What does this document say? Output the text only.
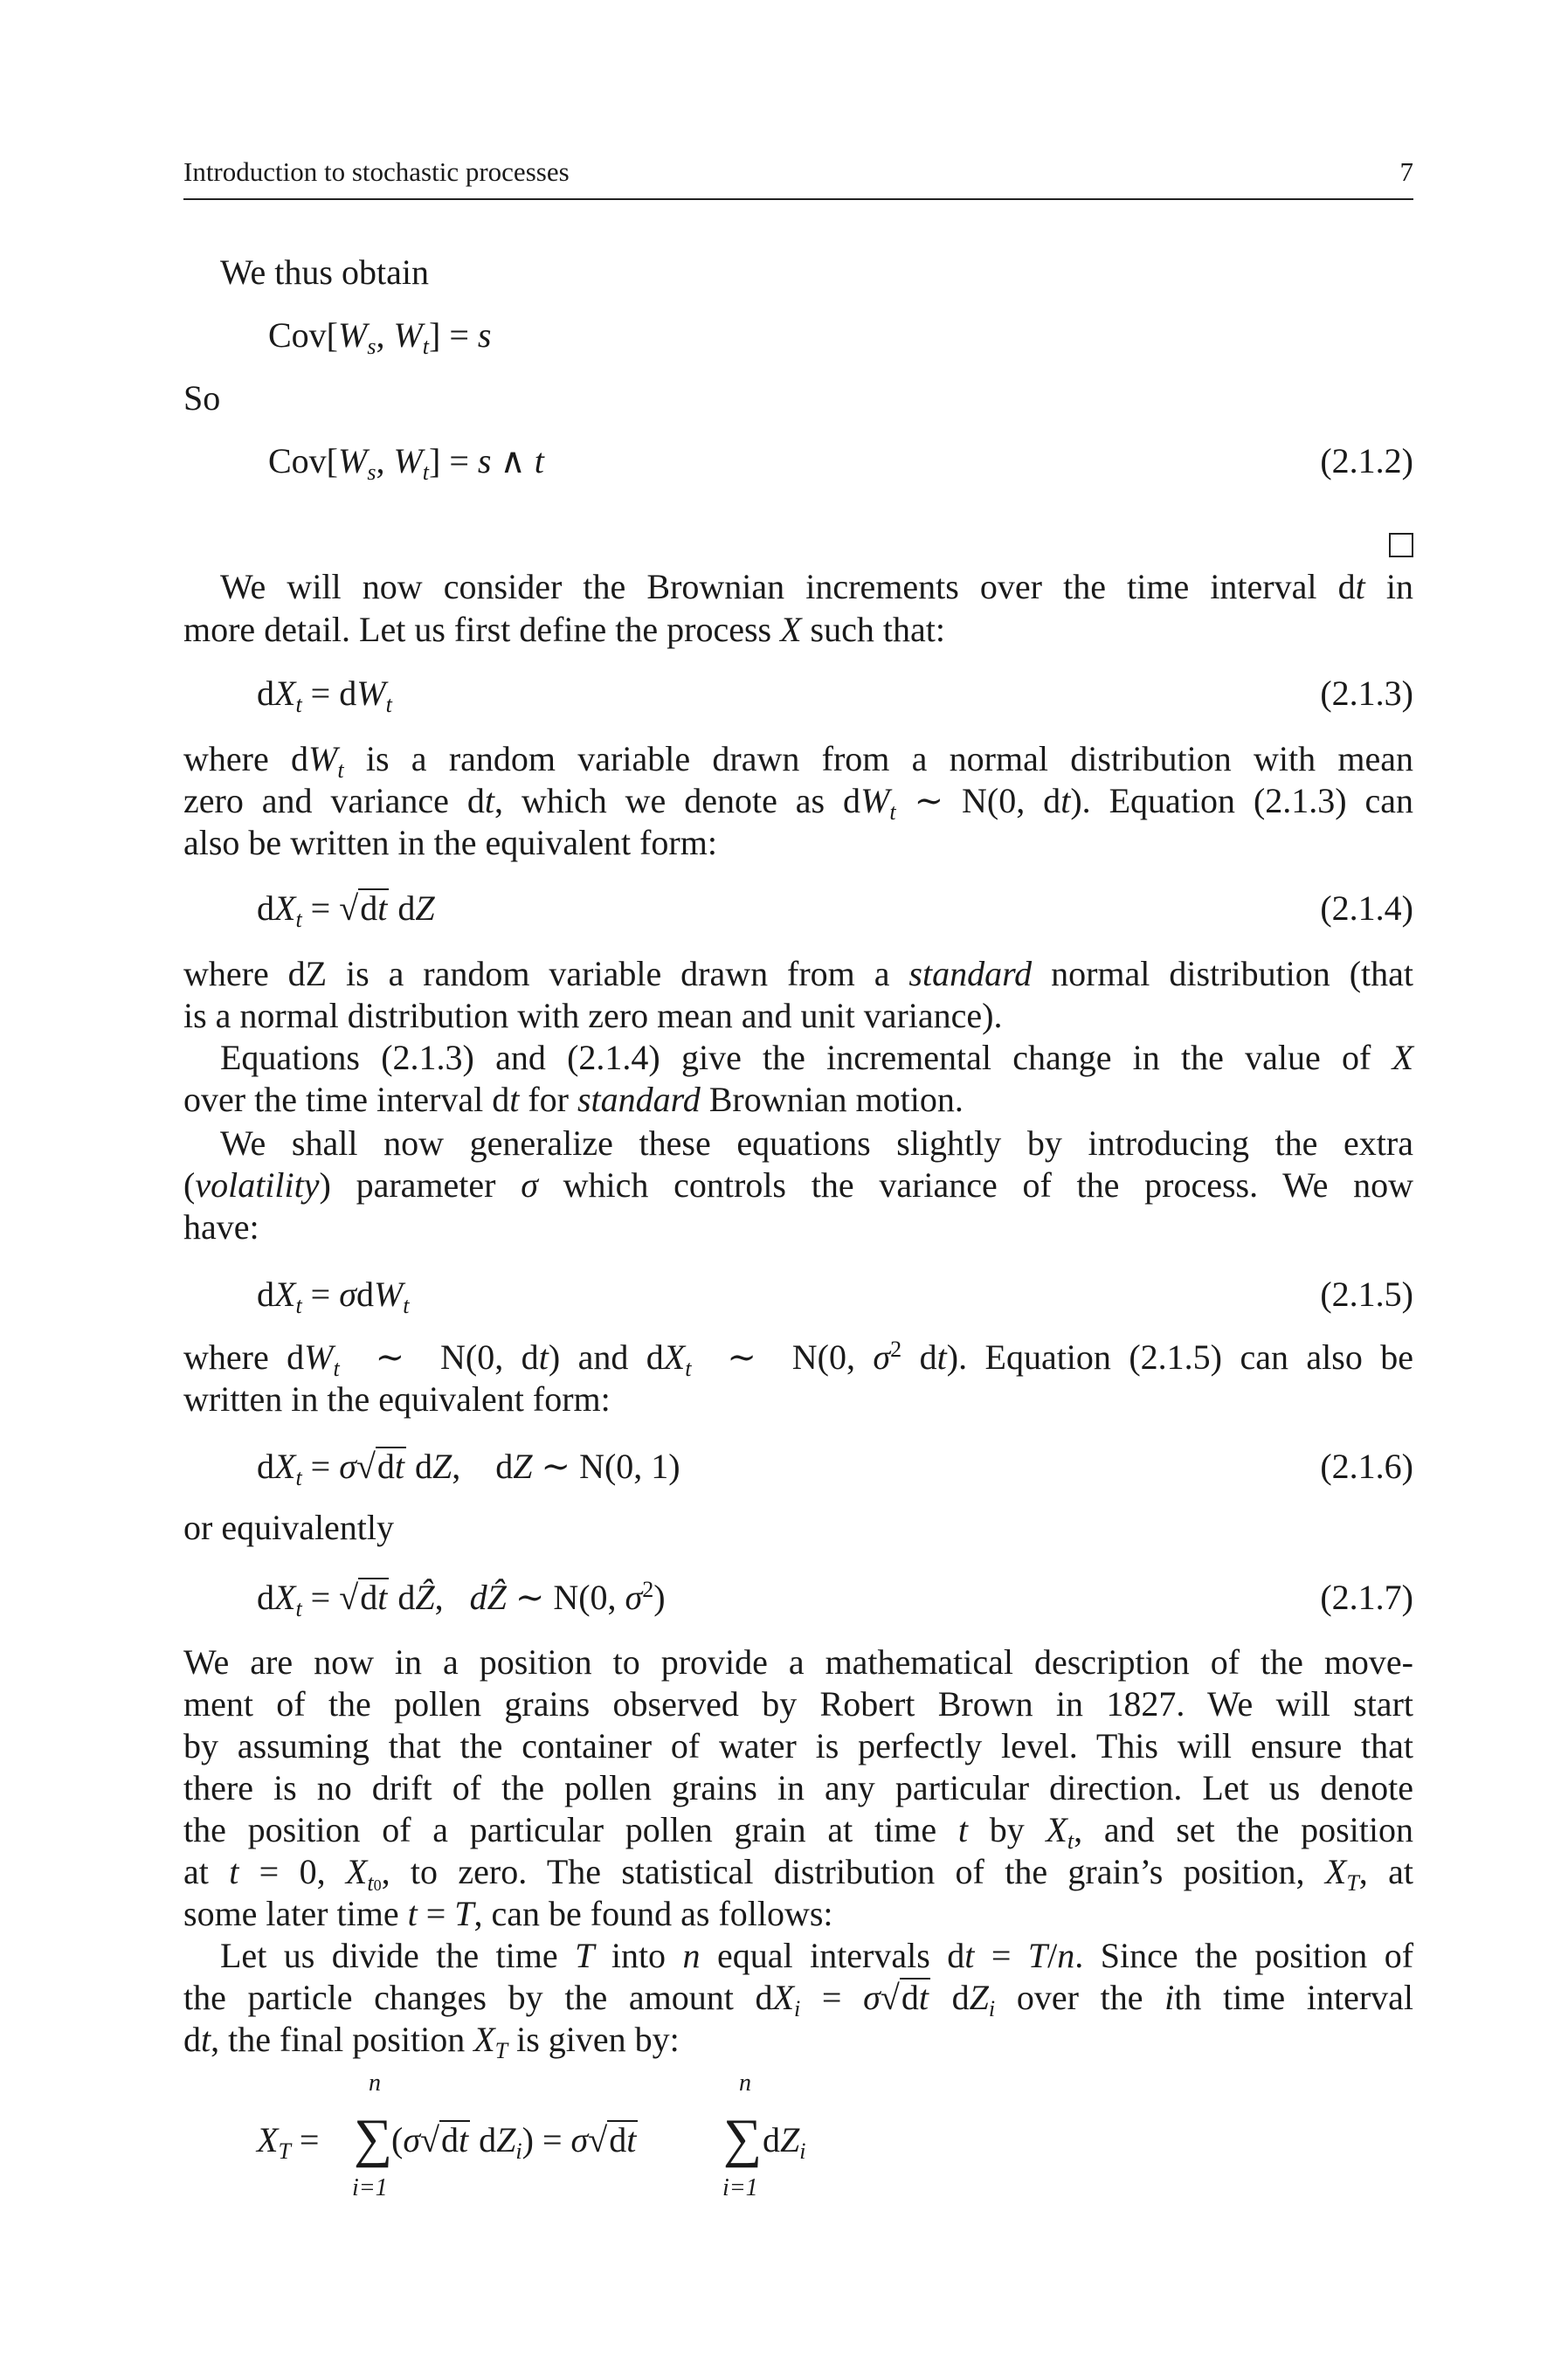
Introduction to stochastic processes	7
We thus obtain
$Cov[W_s$, $W_t] = s$
So
$Cov[W_s$, $W_t] = s$ ∧ t	(2.1.2)
We will now consider the Brownian increments over the time interval dt in
more detail. Let us first define the process X such that:
$dX_t = dW_t$	(2.1.3)
where $dW_t$ is a random variable drawn from a normal distribution with mean
zero and variance dt, which we denote as $dW_t$ ∼ N(0, dt). Equation (2.1.3) can
also be written in the equivalent form:
$dX_t = √dt$ dZ	(2.1.4)
where dZ is a random variable drawn from a standard normal distribution (that
is a normal distribution with zero mean and unit variance).
Equations (2.1.3) and (2.1.4) give the incremental change in the value of X
over the time interval dt for standard Brownian motion.
We shall now generalize these equations slightly by introducing the extra
(volatility) parameter σ which controls the variance of the process. We now
have:
$dX_t = \sigma dW_t$	(2.1.5)
where $dW_t$  ∼  N(0, dt) and $dX_t$  ∼  N(0, $\sigma^2$ dt). Equation (2.1.5) can also be
written in the equivalent form:
$dX_t = \sigma√dt$ dZ,    dZ ∼ N(0, 1)	(2.1.6)
or equivalently
$dX_t = √dt$ dẐ,   dẐ ∼ N(0, $\sigma^2$)	(2.1.7)
We are now in a position to provide a mathematical description of the move-
ment of the pollen grains observed by Robert Brown in 1827. We will start
by assuming that the container of water is perfectly level. This will ensure that
there is no drift of the pollen grains in any particular direction. Let us denote
the position of a particular pollen grain at time t by $X_t$, and set the position
at t = 0, $X_{t0}$, to zero. The statistical distribution of the grain’s position, $X_T$, at
some later time t = T, can be found as follows:
Let us divide the time T into n equal intervals dt = T/n. Since the position of
the particle changes by the amount $dX_i = \sigma√dt$ $dZ_i$ over the ith time interval
dt, the final position $X_T$ is given by:
n	n
$X_T$ = ∑
(σ√dt $dZ_i) = \sigma√dt$ ∑ $dZ_i$
i=1	i=1
